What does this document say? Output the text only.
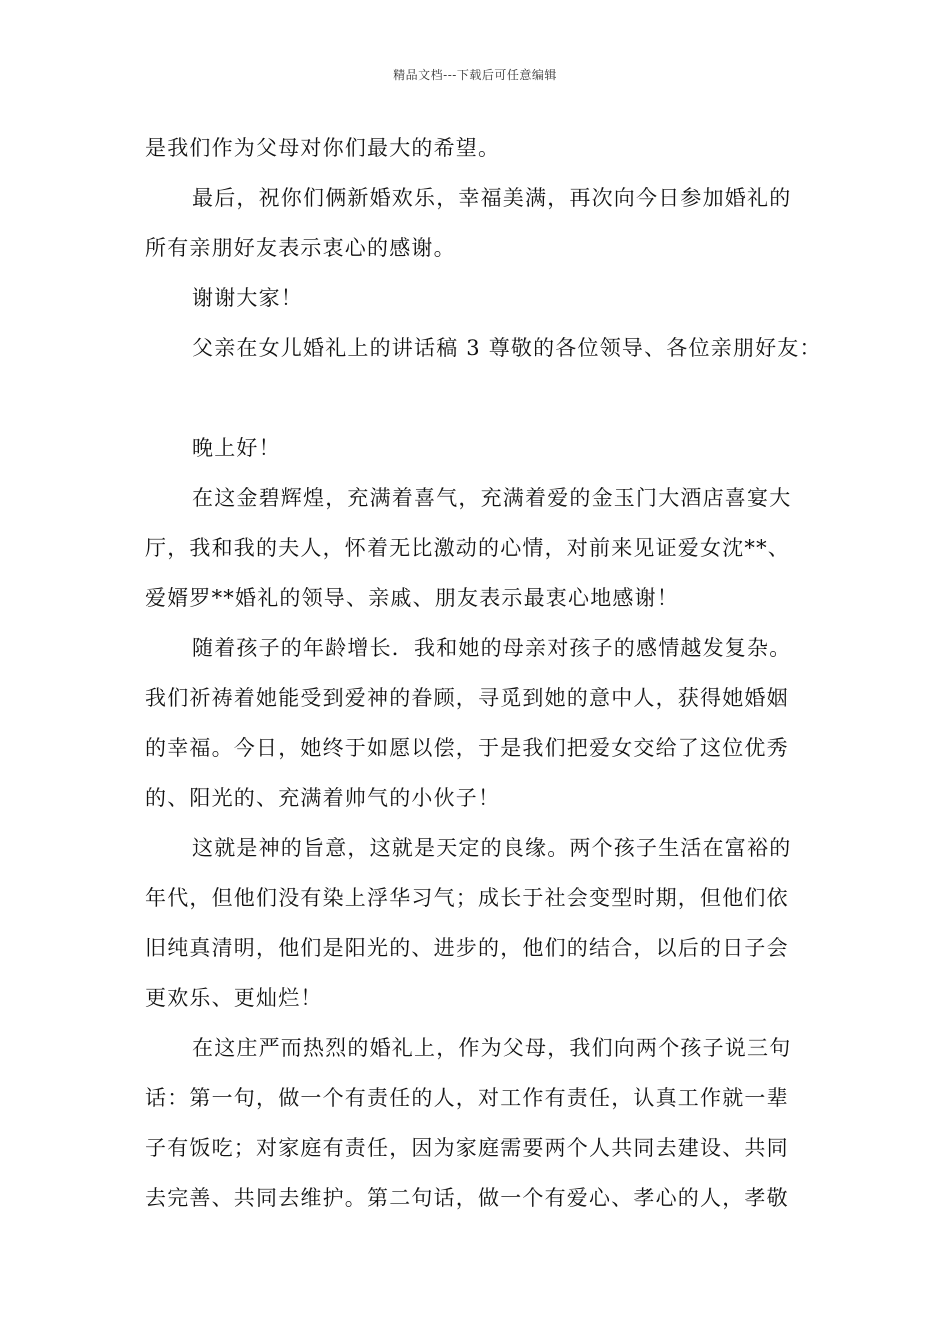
精品文档---下载后可任意编辑
是我们作为父母对你们最大的希望。
最后，祝你们俩新婚欢乐，幸福美满，再次向今日参加婚礼的
所有亲朋好友表示衷心的感谢。
谢谢大家！
父亲在女儿婚礼上的讲话稿 3 尊敬的各位领导、各位亲朋好友：
晚上好！
在这金碧辉煌，充满着喜气，充满着爱的金玉门大酒店喜宴大
厅，我和我的夫人，怀着无比激动的心情，对前来见证爱女沈**、
爱婿罗**婚礼的领导、亲戚、朋友表示最衷心地感谢！
随着孩子的年龄增长．我和她的母亲对孩子的感情越发复杂。
我们祈祷着她能受到爱神的眷顾，寻觅到她的意中人，获得她婚姻
的幸福。今日，她终于如愿以偿，于是我们把爱女交给了这位优秀
的、阳光的、充满着帅气的小伙子！
这就是神的旨意，这就是天定的良缘。两个孩子生活在富裕的
年代，但他们没有染上浮华习气；成长于社会变型时期，但他们依
旧纯真清明，他们是阳光的、进步的，他们的结合，以后的日子会
更欢乐、更灿烂！
在这庄严而热烈的婚礼上，作为父母，我们向两个孩子说三句
话：第一句，做一个有责任的人，对工作有责任，认真工作就一辈
子有饭吃；对家庭有责任，因为家庭需要两个人共同去建设、共同
去完善、共同去维护。第二句话，做一个有爱心、孝心的人，孝敬
